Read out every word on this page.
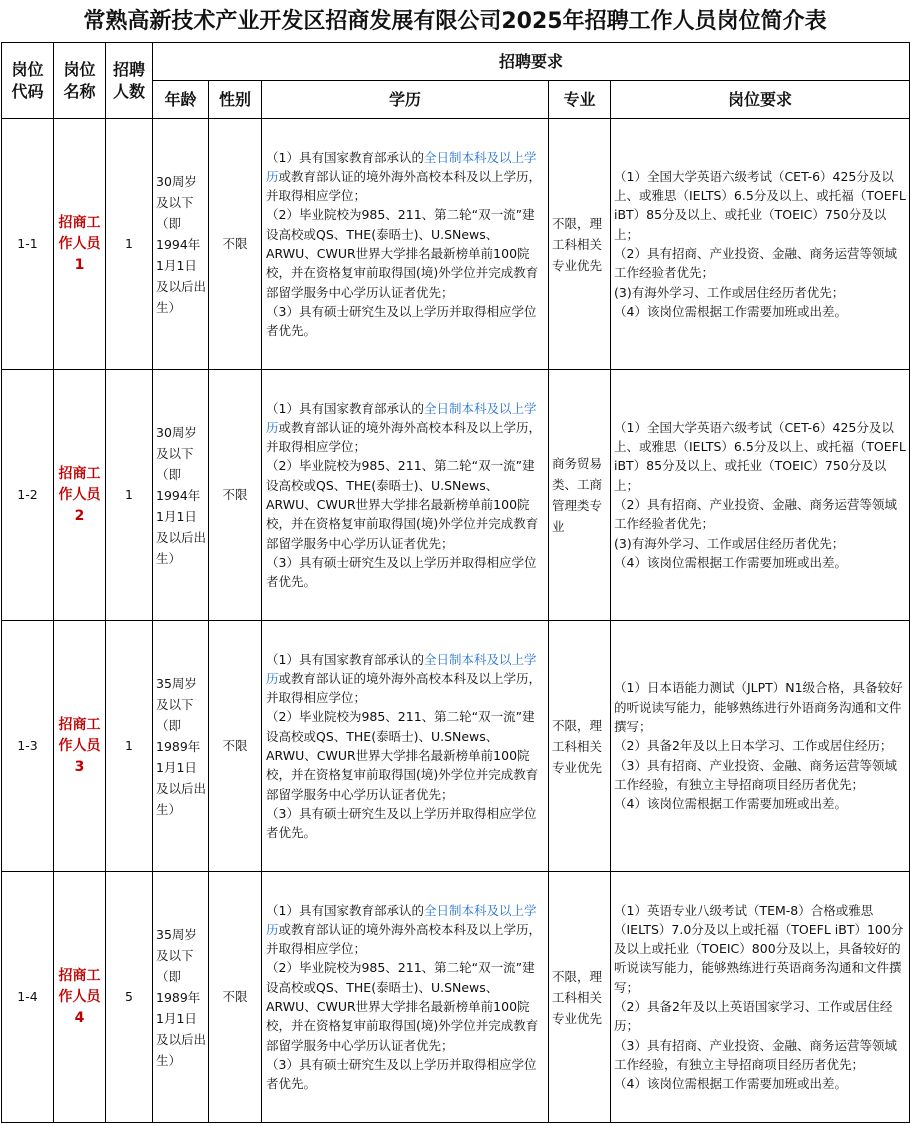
常熟高新技术产业开发区招商发展有限公司2025年招聘工作人员岗位简介表
岗位代码	岗位名称	招聘人数	招聘要求				
			年龄	性别	学历	专业	岗位要求
1-1	招商工作人员1	1	30周岁及以下（即1994年1月1日及以后出生）	不限	（1）具有国家教育部承认的全日制本科及以上学历或教育部认证的境外海外高校本科及以上学历，并取得相应学位；
（2）毕业院校为985、211、第二轮“双一流”建设高校或QS、THE(泰晤士)、U.SNews、ARWU、CWUR世界大学排名最新榜单前100院校，并在资格复审前取得国(境)外学位并完成教育部留学服务中心学历认证者优先；
（3）具有硕士研究生及以上学历并取得相应学位者优先。	不限，理工科相关专业优先	（1）全国大学英语六级考试（CET-6）425分及以上、或雅思（IELTS）6.5分及以上、或托福（TOEFL iBT）85分及以上、或托业（TOEIC）750分及以上；
（2）具有招商、产业投资、金融、商务运营等领域工作经验者优先；
(3)有海外学习、工作或居住经历者优先；
（4）该岗位需根据工作需要加班或出差。

1-2	招商工作人员2	1	30周岁及以下（即1994年1月1日及以后出生）	不限	（1）具有国家教育部承认的全日制本科及以上学历或教育部认证的境外海外高校本科及以上学历，并取得相应学位；
（2）毕业院校为985、211、第二轮“双一流”建设高校或QS、THE(泰晤士)、U.SNews、ARWU、CWUR世界大学排名最新榜单前100院校，并在资格复审前取得国(境)外学位并完成教育部留学服务中心学历认证者优先；
（3）具有硕士研究生及以上学历并取得相应学位者优先。	商务贸易类、工商管理类专业	（1）全国大学英语六级考试（CET-6）425分及以上、或雅思（IELTS）6.5分及以上、或托福（TOEFL iBT）85分及以上、或托业（TOEIC）750分及以上；
（2）具有招商、产业投资、金融、商务运营等领域工作经验者优先；
(3)有海外学习、工作或居住经历者优先；
（4）该岗位需根据工作需要加班或出差。

1-3	招商工作人员3	1	35周岁及以下（即1989年1月1日及以后出生）	不限	（1）具有国家教育部承认的全日制本科及以上学历或教育部认证的境外海外高校本科及以上学历，并取得相应学位；
（2）毕业院校为985、211、第二轮“双一流”建设高校或QS、THE(泰晤士)、U.SNews、ARWU、CWUR世界大学排名最新榜单前100院校，并在资格复审前取得国(境)外学位并完成教育部留学服务中心学历认证者优先；
（3）具有硕士研究生及以上学历并取得相应学位者优先。	不限，理工科相关专业优先	（1）日本语能力测试（JLPT）N1级合格，具备较好的听说读写能力，能够熟练进行外语商务沟通和文件撰写；
（2）具备2年及以上日本学习、工作或居住经历；
（3）具有招商、产业投资、金融、商务运营等领域工作经验，有独立主导招商项目经历者优先；
（4）该岗位需根据工作需要加班或出差。

1-4	招商工作人员4	5	35周岁及以下（即1989年1月1日及以后出生）	不限	（1）具有国家教育部承认的全日制本科及以上学历或教育部认证的境外海外高校本科及以上学历，并取得相应学位；
（2）毕业院校为985、211、第二轮“双一流”建设高校或QS、THE(泰晤士)、U.SNews、ARWU、CWUR世界大学排名最新榜单前100院校，并在资格复审前取得国(境)外学位并完成教育部留学服务中心学历认证者优先；
（3）具有硕士研究生及以上学历并取得相应学位者优先。	不限，理工科相关专业优先	（1）英语专业八级考试（TEM-8）合格或雅思（IELTS）7.0分及以上或托福（TOEFL iBT）100分及以上或托业（TOEIC）800分及以上，具备较好的听说读写能力，能够熟练进行英语商务沟通和文件撰写；
（2）具备2年及以上英语国家学习、工作或居住经历；
（3）具有招商、产业投资、金融、商务运营等领域工作经验，有独立主导招商项目经历者优先；
（4）该岗位需根据工作需要加班或出差。
